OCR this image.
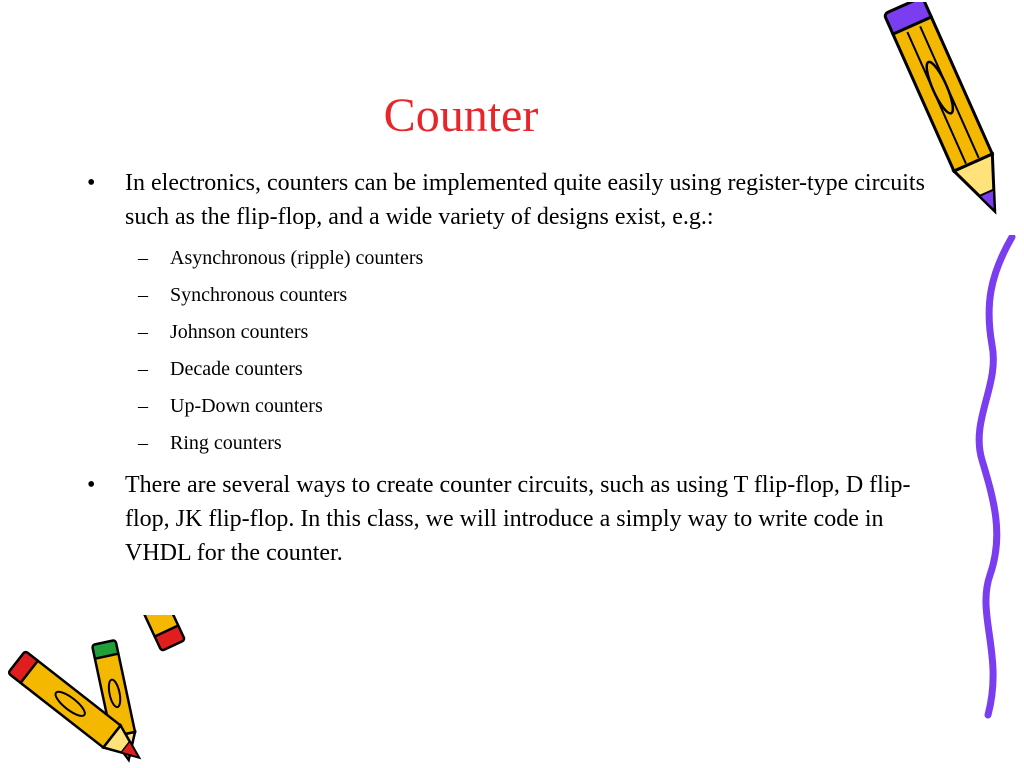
Counter
• In electronics, counters can be implemented quite easily using register-type circuits such as the flip-flop, and a wide variety of designs exist, e.g.:
– Asynchronous (ripple) counters
– Synchronous counters
– Johnson counters
– Decade counters
– Up-Down counters
– Ring counters
• There are several ways to create counter circuits, such as using T flip-flop, D flip-flop, JK flip-flop. In this class, we will introduce a simply way to write code in VHDL for the counter.
